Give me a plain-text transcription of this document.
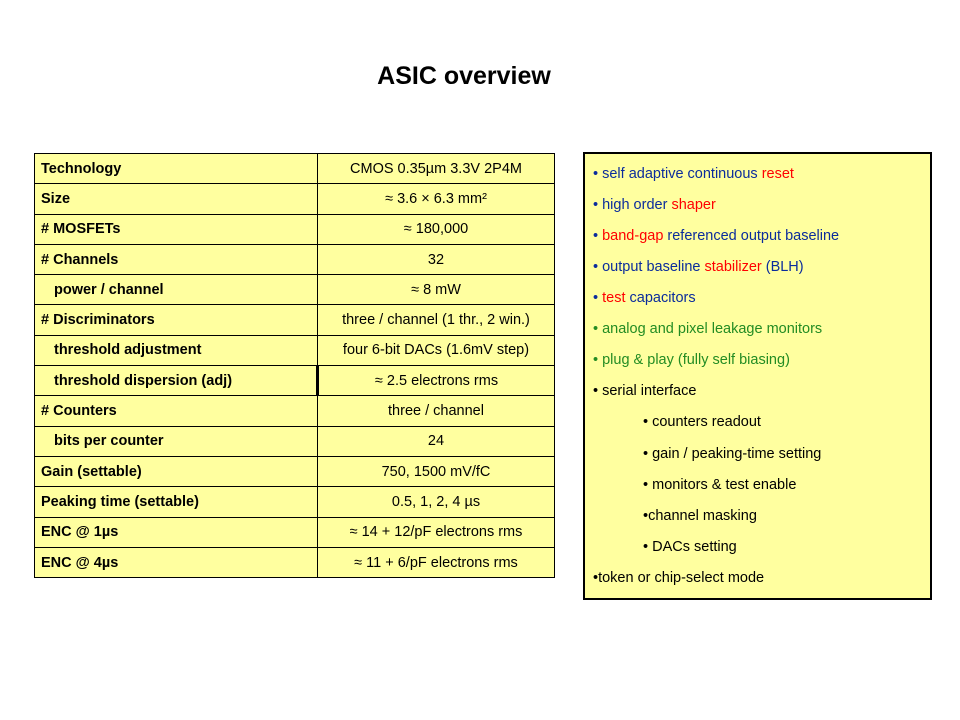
ASIC overview
Technology	CMOS 0.35µm 3.3V 2P4M
Size	≈ 3.6 × 6.3 mm²
# MOSFETs	≈ 180,000
# Channels	32
power / channel	≈ 8 mW
# Discriminators	three / channel (1 thr., 2 win.)
threshold adjustment	four 6-bit DACs (1.6mV step)
threshold dispersion (adj)	≈ 2.5 electrons rms
# Counters	three / channel
bits per counter	24
Gain (settable)	750, 1500 mV/fC
Peaking time (settable)	0.5, 1, 2, 4 µs
ENC @ 1µs	≈ 14 + 12/pF electrons rms
ENC @ 4µs	≈ 11 + 6/pF electrons rms
• self adaptive continuous reset
• high order shaper
• band-gap referenced output baseline
• output baseline stabilizer (BLH)
• test capacitors
• analog and pixel leakage monitors
• plug & play (fully self biasing)
• serial interface
• counters readout
• gain / peaking-time setting
• monitors & test enable
•channel masking
• DACs setting
•token or chip-select mode
